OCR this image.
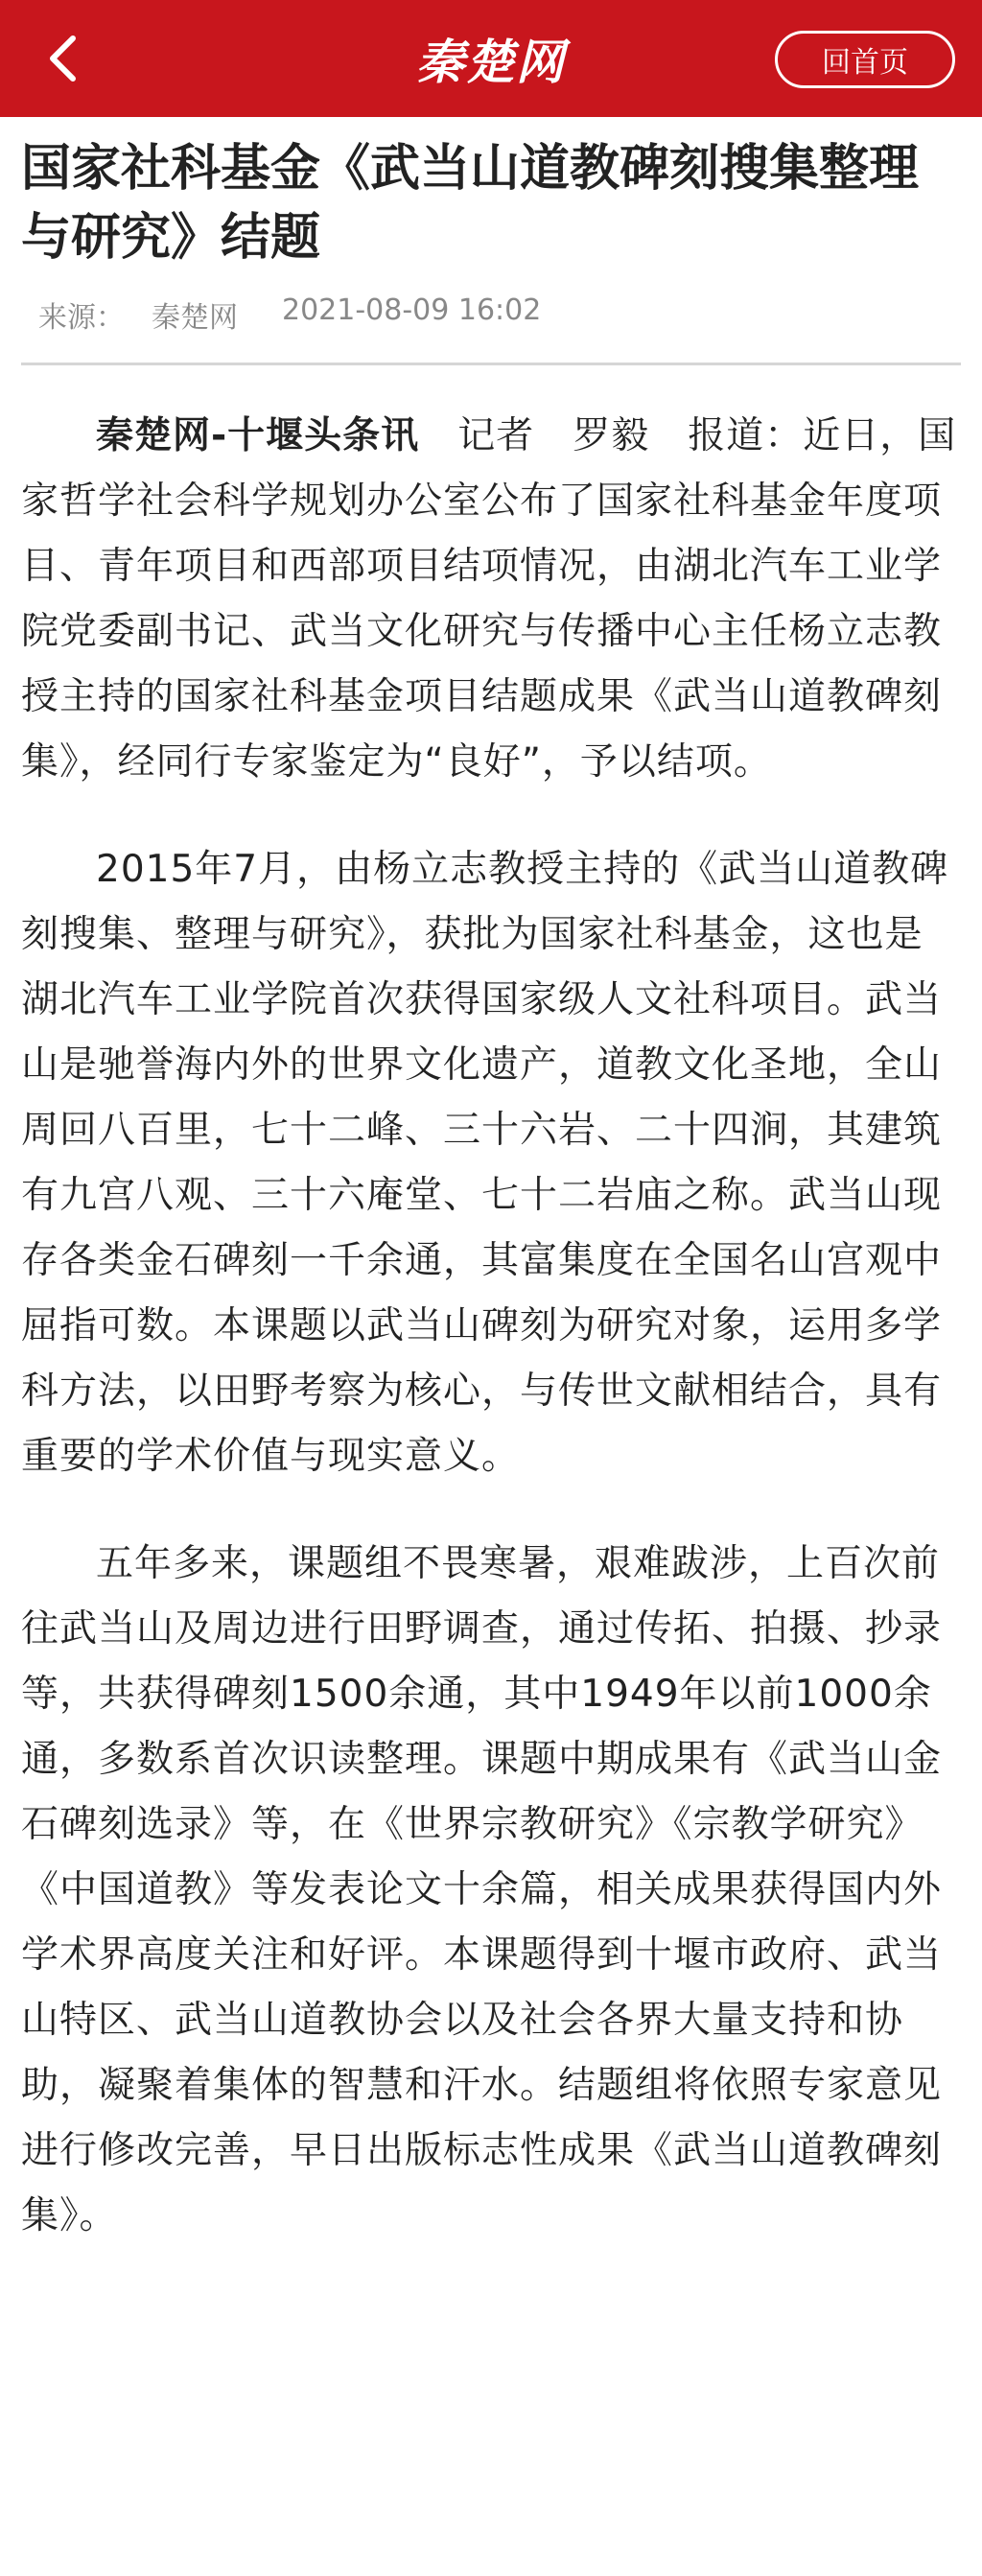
秦楚网	回首页
国家社科基金《武当山道教碑刻搜集整理与研究》结题
来源： 秦楚网 2021-08-09 16:02

秦楚网-十堰头条讯　记者　罗毅　报道：近日，国家哲学社会科学规划办公室公布了国家社科基金年度项目、青年项目和西部项目结项情况，由湖北汽车工业学院党委副书记、武当文化研究与传播中心主任杨立志教授主持的国家社科基金项目结题成果《武当山道教碑刻集》，经同行专家鉴定为“良好”，予以结项。

2015年7月，由杨立志教授主持的《武当山道教碑刻搜集、整理与研究》，获批为国家社科基金，这也是湖北汽车工业学院首次获得国家级人文社科项目。武当山是驰誉海内外的世界文化遗产，道教文化圣地，全山周回八百里，七十二峰、三十六岩、二十四涧，其建筑有九宫八观、三十六庵堂、七十二岩庙之称。武当山现存各类金石碑刻一千余通，其富集度在全国名山宫观中屈指可数。本课题以武当山碑刻为研究对象，运用多学科方法，以田野考察为核心，与传世文献相结合，具有重要的学术价值与现实意义。

五年多来，课题组不畏寒暑，艰难跋涉，上百次前往武当山及周边进行田野调查，通过传拓、拍摄、抄录等，共获得碑刻1500余通，其中1949年以前1000余通，多数系首次识读整理。课题中期成果有《武当山金石碑刻选录》等，在《世界宗教研究》《宗教学研究》《中国道教》等发表论文十余篇，相关成果获得国内外学术界高度关注和好评。本课题得到十堰市政府、武当山特区、武当山道教协会以及社会各界大量支持和协助，凝聚着集体的智慧和汗水。结题组将依照专家意见进行修改完善，早日出版标志性成果《武当山道教碑刻集》。
